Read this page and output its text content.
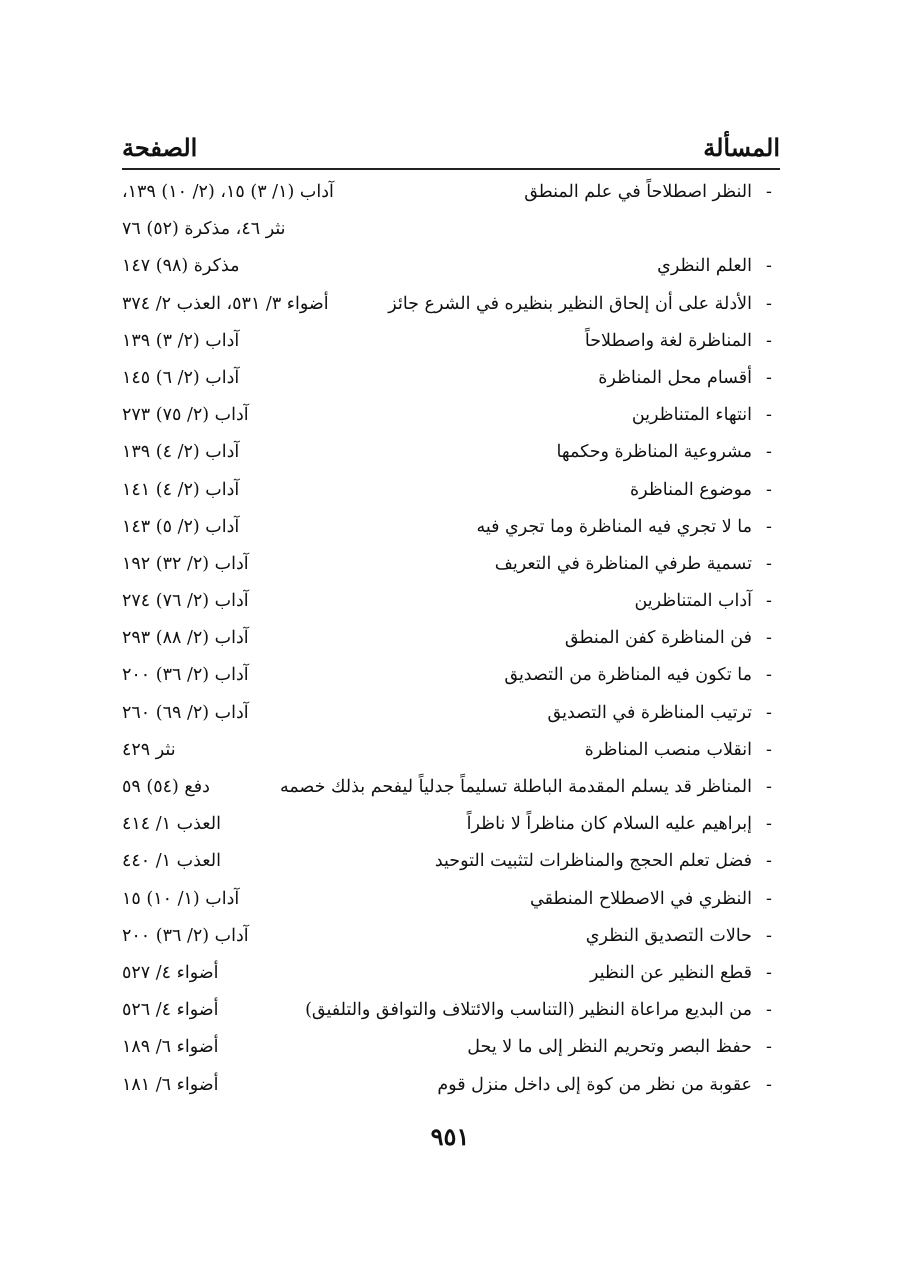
المسألة
الصفحة
-
النظر اصطلاحاً في علم المنطق
آداب (١/ ٣) ١٥، (٢/ ١٠) ١٣٩،
نثر ٤٦، مذكرة (٥٢) ٧٦
-
العلم النظري
مذكرة (٩٨) ١٤٧
-
الأدلة على أن إلحاق النظير بنظيره في الشرع جائز
أضواء ٣/ ٥٣١، العذب ٢/ ٣٧٤
-
المناظرة لغة واصطلاحاً
آداب (٢/ ٣) ١٣٩
-
أقسام محل المناظرة
آداب (٢/ ٦) ١٤٥
-
انتهاء المتناظرين
آداب (٢/ ٧٥) ٢٧٣
-
مشروعية المناظرة وحكمها
آداب (٢/ ٤) ١٣٩
-
موضوع المناظرة
آداب (٢/ ٤) ١٤١
-
ما لا تجري فيه المناظرة وما تجري فيه
آداب (٢/ ٥) ١٤٣
-
تسمية طرفي المناظرة في التعريف
آداب (٢/ ٣٢) ١٩٢
-
آداب المتناظرين
آداب (٢/ ٧٦) ٢٧٤
-
فن المناظرة كفن المنطق
آداب (٢/ ٨٨) ٢٩٣
-
ما تكون فيه المناظرة من التصديق
آداب (٢/ ٣٦) ٢٠٠
-
ترتيب المناظرة في التصديق
آداب (٢/ ٦٩) ٢٦٠
-
انقلاب منصب المناظرة
نثر ٤٢٩
-
المناظر قد يسلم المقدمة الباطلة تسليماً جدلياً ليفحم بذلك خصمه
دفع (٥٤) ٥٩
-
إبراهيم عليه السلام كان مناظراً لا ناظراً
العذب ١/ ٤١٤
-
فضل تعلم الحجج والمناظرات لتثبيت التوحيد
العذب ١/ ٤٤٠
-
النظري في الاصطلاح المنطقي
آداب (١/ ١٠) ١٥
-
حالات التصديق النظري
آداب (٢/ ٣٦) ٢٠٠
-
قطع النظير عن النظير
أضواء ٤/ ٥٢٧
-
من البديع مراعاة النظير (التناسب والائتلاف والتوافق والتلفيق)
أضواء ٤/ ٥٢٦
-
حفظ البصر وتحريم النظر إلى ما لا يحل
أضواء ٦/ ١٨٩
-
عقوبة من نظر من كوة إلى داخل منزل قوم
أضواء ٦/ ١٨١
٩٥١
